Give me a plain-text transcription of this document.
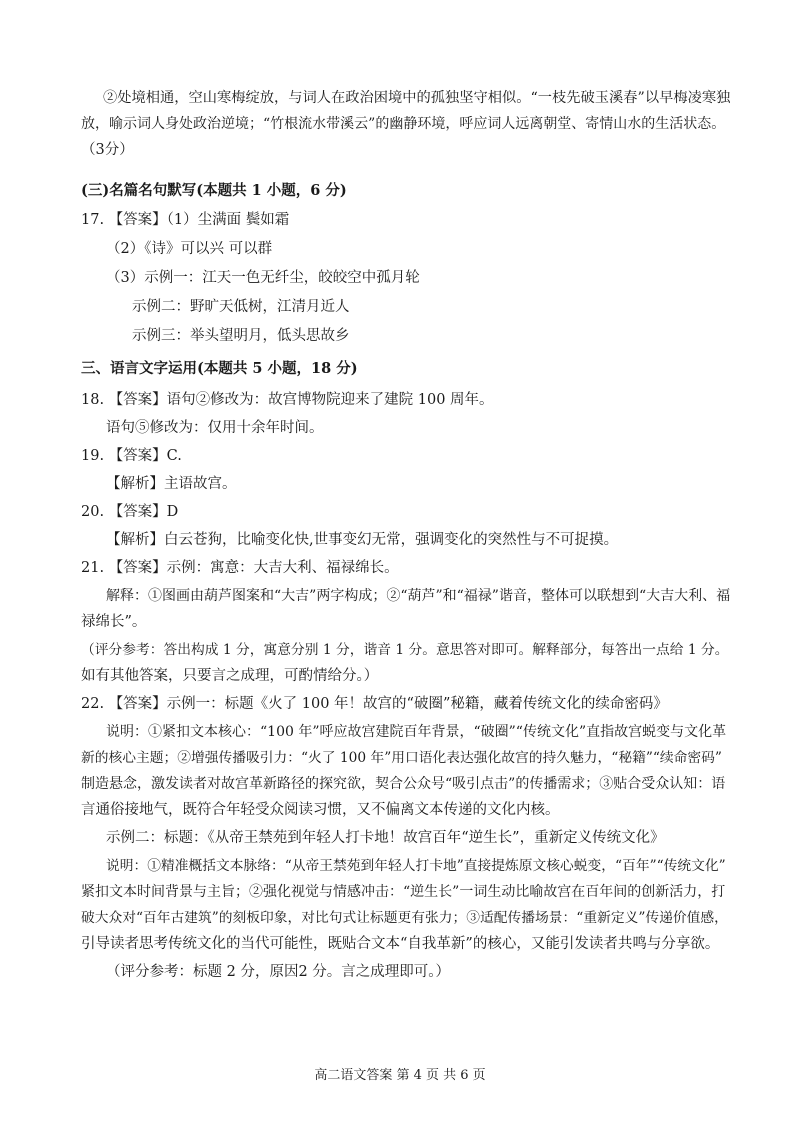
②处境相通，空山寒梅绽放，与词人在政治困境中的孤独坚守相似。“一枝先破玉溪春”以早梅凌寒独
放，喻示词人身处政治逆境；“竹根流水带溪云”的幽静环境，呼应词人远离朝堂、寄情山水的生活状态。
（3分）
(三)名篇名句默写(本题共 1 小题，6 分)
17. 【答案】（1）尘满面 鬓如霜
（2）《诗》可以兴 可以群
（3）示例一：江天一色无纤尘，皎皎空中孤月轮
示例二：野旷天低树，江清月近人
示例三：举头望明月，低头思故乡
三、语言文字运用(本题共 5 小题，18 分)
18. 【答案】语句②修改为：故宫博物院迎来了建院 100 周年。
语句⑤修改为：仅用十余年时间。
19. 【答案】C.
【解析】主语故宫。
20. 【答案】D
【解析】白云苍狗，比喻变化快,世事变幻无常，强调变化的突然性与不可捉摸。
21. 【答案】示例：寓意：大吉大利、福禄绵长。
解释：①图画由葫芦图案和“大吉”两字构成；②“葫芦”和“福禄”谐音，整体可以联想到“大吉大利、福
禄绵长”。
（评分参考：答出构成 1 分，寓意分别 1 分，谐音 1 分。意思答对即可。解释部分，每答出一点给 1 分。
如有其他答案，只要言之成理，可酌情给分。）
22. 【答案】示例一：标题《火了 100 年！故宫的“破圈”秘籍，藏着传统文化的续命密码》
说明：①紧扣文本核心：“100 年”呼应故宫建院百年背景，“破圈”“传统文化”直指故宫蜕变与文化革
新的核心主题；②增强传播吸引力：“火了 100 年”用口语化表达强化故宫的持久魅力，“秘籍”“续命密码”
制造悬念，激发读者对故宫革新路径的探究欲，契合公众号“吸引点击”的传播需求；③贴合受众认知：语
言通俗接地气，既符合年轻受众阅读习惯，又不偏离文本传递的文化内核。
示例二：标题：《从帝王禁苑到年轻人打卡地！故宫百年“逆生长”，重新定义传统文化》
说明：①精准概括文本脉络：“从帝王禁苑到年轻人打卡地”直接提炼原文核心蜕变，“百年”“传统文化”
紧扣文本时间背景与主旨；②强化视觉与情感冲击：“逆生长”一词生动比喻故宫在百年间的创新活力，打
破大众对“百年古建筑”的刻板印象，对比句式让标题更有张力；③适配传播场景：“重新定义”传递价值感，
引导读者思考传统文化的当代可能性，既贴合文本“自我革新”的核心，又能引发读者共鸣与分享欲。
（评分参考：标题 2 分，原因2 分。言之成理即可。）
高二语文答案 第 4 页 共 6 页
